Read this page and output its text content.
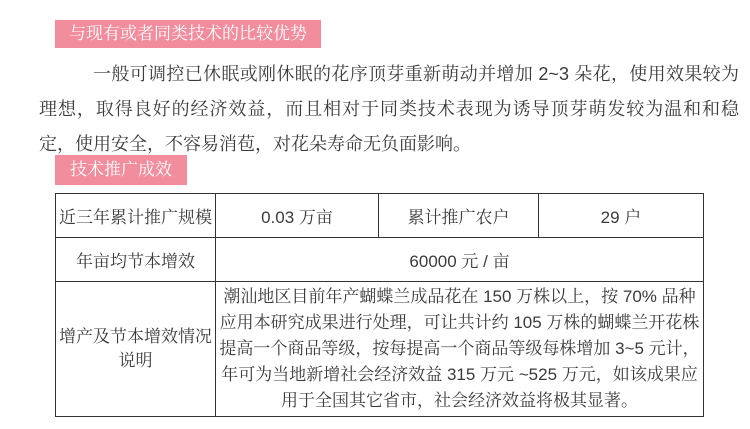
与现有或者同类技术的比较优势
一般可调控已休眠或刚休眠的花序顶芽重新萌动并增加 2~3 朵花，使用效果较为理想，取得良好的经济效益，而且相对于同类技术表现为诱导顶芽萌发较为温和和稳定，使用安全，不容易消苞，对花朵寿命无负面影响。
技术推广成效
近三年累计推广规模	0.03 万亩	累计推广农户	29 户
年亩均节本增效	60000 元 / 亩		
增产及节本增效情况说明	潮汕地区目前年产蝴蝶兰成品花在 150 万株以上，按 70% 品种应用本研究成果进行处理，可让共计约 105 万株的蝴蝶兰开花株提高一个商品等级，按每提高一个商品等级每株增加 3~5 元计，年可为当地新增社会经济效益 315 万元 ~525 万元，如该成果应用于全国其它省市，社会经济效益将极其显著。		
